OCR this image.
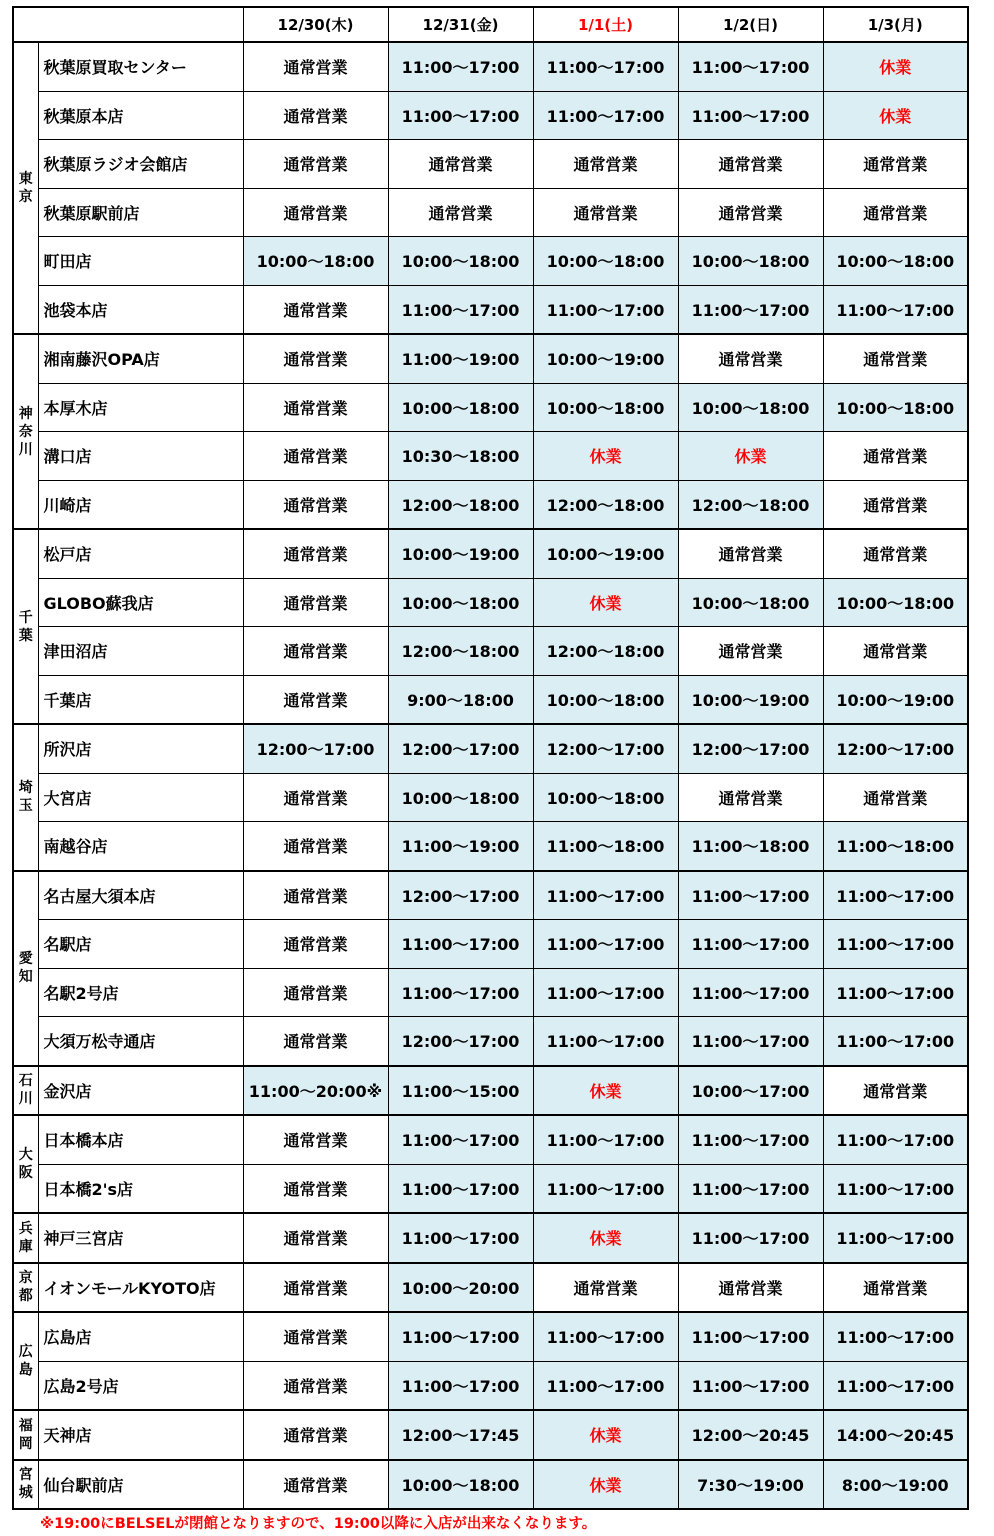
		12/30(木)	12/31(金)	1/1(土)	1/2(日)	1/3(月)
東京	秋葉原買取センター	通常営業	11:00〜17:00	11:00〜17:00	11:00〜17:00	休業
	秋葉原本店	通常営業	11:00〜17:00	11:00〜17:00	11:00〜17:00	休業
	秋葉原ラジオ会館店	通常営業	通常営業	通常営業	通常営業	通常営業
	秋葉原駅前店	通常営業	通常営業	通常営業	通常営業	通常営業
	町田店	10:00〜18:00	10:00〜18:00	10:00〜18:00	10:00〜18:00	10:00〜18:00
	池袋本店	通常営業	11:00〜17:00	11:00〜17:00	11:00〜17:00	11:00〜17:00
神奈川	湘南藤沢OPA店	通常営業	11:00〜19:00	10:00〜19:00	通常営業	通常営業
	本厚木店	通常営業	10:00〜18:00	10:00〜18:00	10:00〜18:00	10:00〜18:00
	溝口店	通常営業	10:30〜18:00	休業	休業	通常営業
	川崎店	通常営業	12:00〜18:00	12:00〜18:00	12:00〜18:00	通常営業
千葉	松戸店	通常営業	10:00〜19:00	10:00〜19:00	通常営業	通常営業
	GLOBO蘇我店	通常営業	10:00〜18:00	休業	10:00〜18:00	10:00〜18:00
	津田沼店	通常営業	12:00〜18:00	12:00〜18:00	通常営業	通常営業
	千葉店	通常営業	9:00〜18:00	10:00〜18:00	10:00〜19:00	10:00〜19:00
埼玉	所沢店	12:00〜17:00	12:00〜17:00	12:00〜17:00	12:00〜17:00	12:00〜17:00
	大宮店	通常営業	10:00〜18:00	10:00〜18:00	通常営業	通常営業
	南越谷店	通常営業	11:00〜19:00	11:00〜18:00	11:00〜18:00	11:00〜18:00
愛知	名古屋大須本店	通常営業	12:00〜17:00	11:00〜17:00	11:00〜17:00	11:00〜17:00
	名駅店	通常営業	11:00〜17:00	11:00〜17:00	11:00〜17:00	11:00〜17:00
	名駅2号店	通常営業	11:00〜17:00	11:00〜17:00	11:00〜17:00	11:00〜17:00
	大須万松寺通店	通常営業	12:00〜17:00	11:00〜17:00	11:00〜17:00	11:00〜17:00
石川	金沢店	11:00〜20:00※	11:00〜15:00	休業	10:00〜17:00	通常営業
大阪	日本橋本店	通常営業	11:00〜17:00	11:00〜17:00	11:00〜17:00	11:00〜17:00
	日本橋2's店	通常営業	11:00〜17:00	11:00〜17:00	11:00〜17:00	11:00〜17:00
兵庫	神戸三宮店	通常営業	11:00〜17:00	休業	11:00〜17:00	11:00〜17:00
京都	イオンモールKYOTO店	通常営業	10:00〜20:00	通常営業	通常営業	通常営業
広島	広島店	通常営業	11:00〜17:00	11:00〜17:00	11:00〜17:00	11:00〜17:00
	広島2号店	通常営業	11:00〜17:00	11:00〜17:00	11:00〜17:00	11:00〜17:00
福岡	天神店	通常営業	12:00〜17:45	休業	12:00〜20:45	14:00〜20:45
宮城	仙台駅前店	通常営業	10:00〜18:00	休業	7:30〜19:00	8:00〜19:00
※19:00にBELSELが閉館となりますので、19:00以降に入店が出来なくなります。
